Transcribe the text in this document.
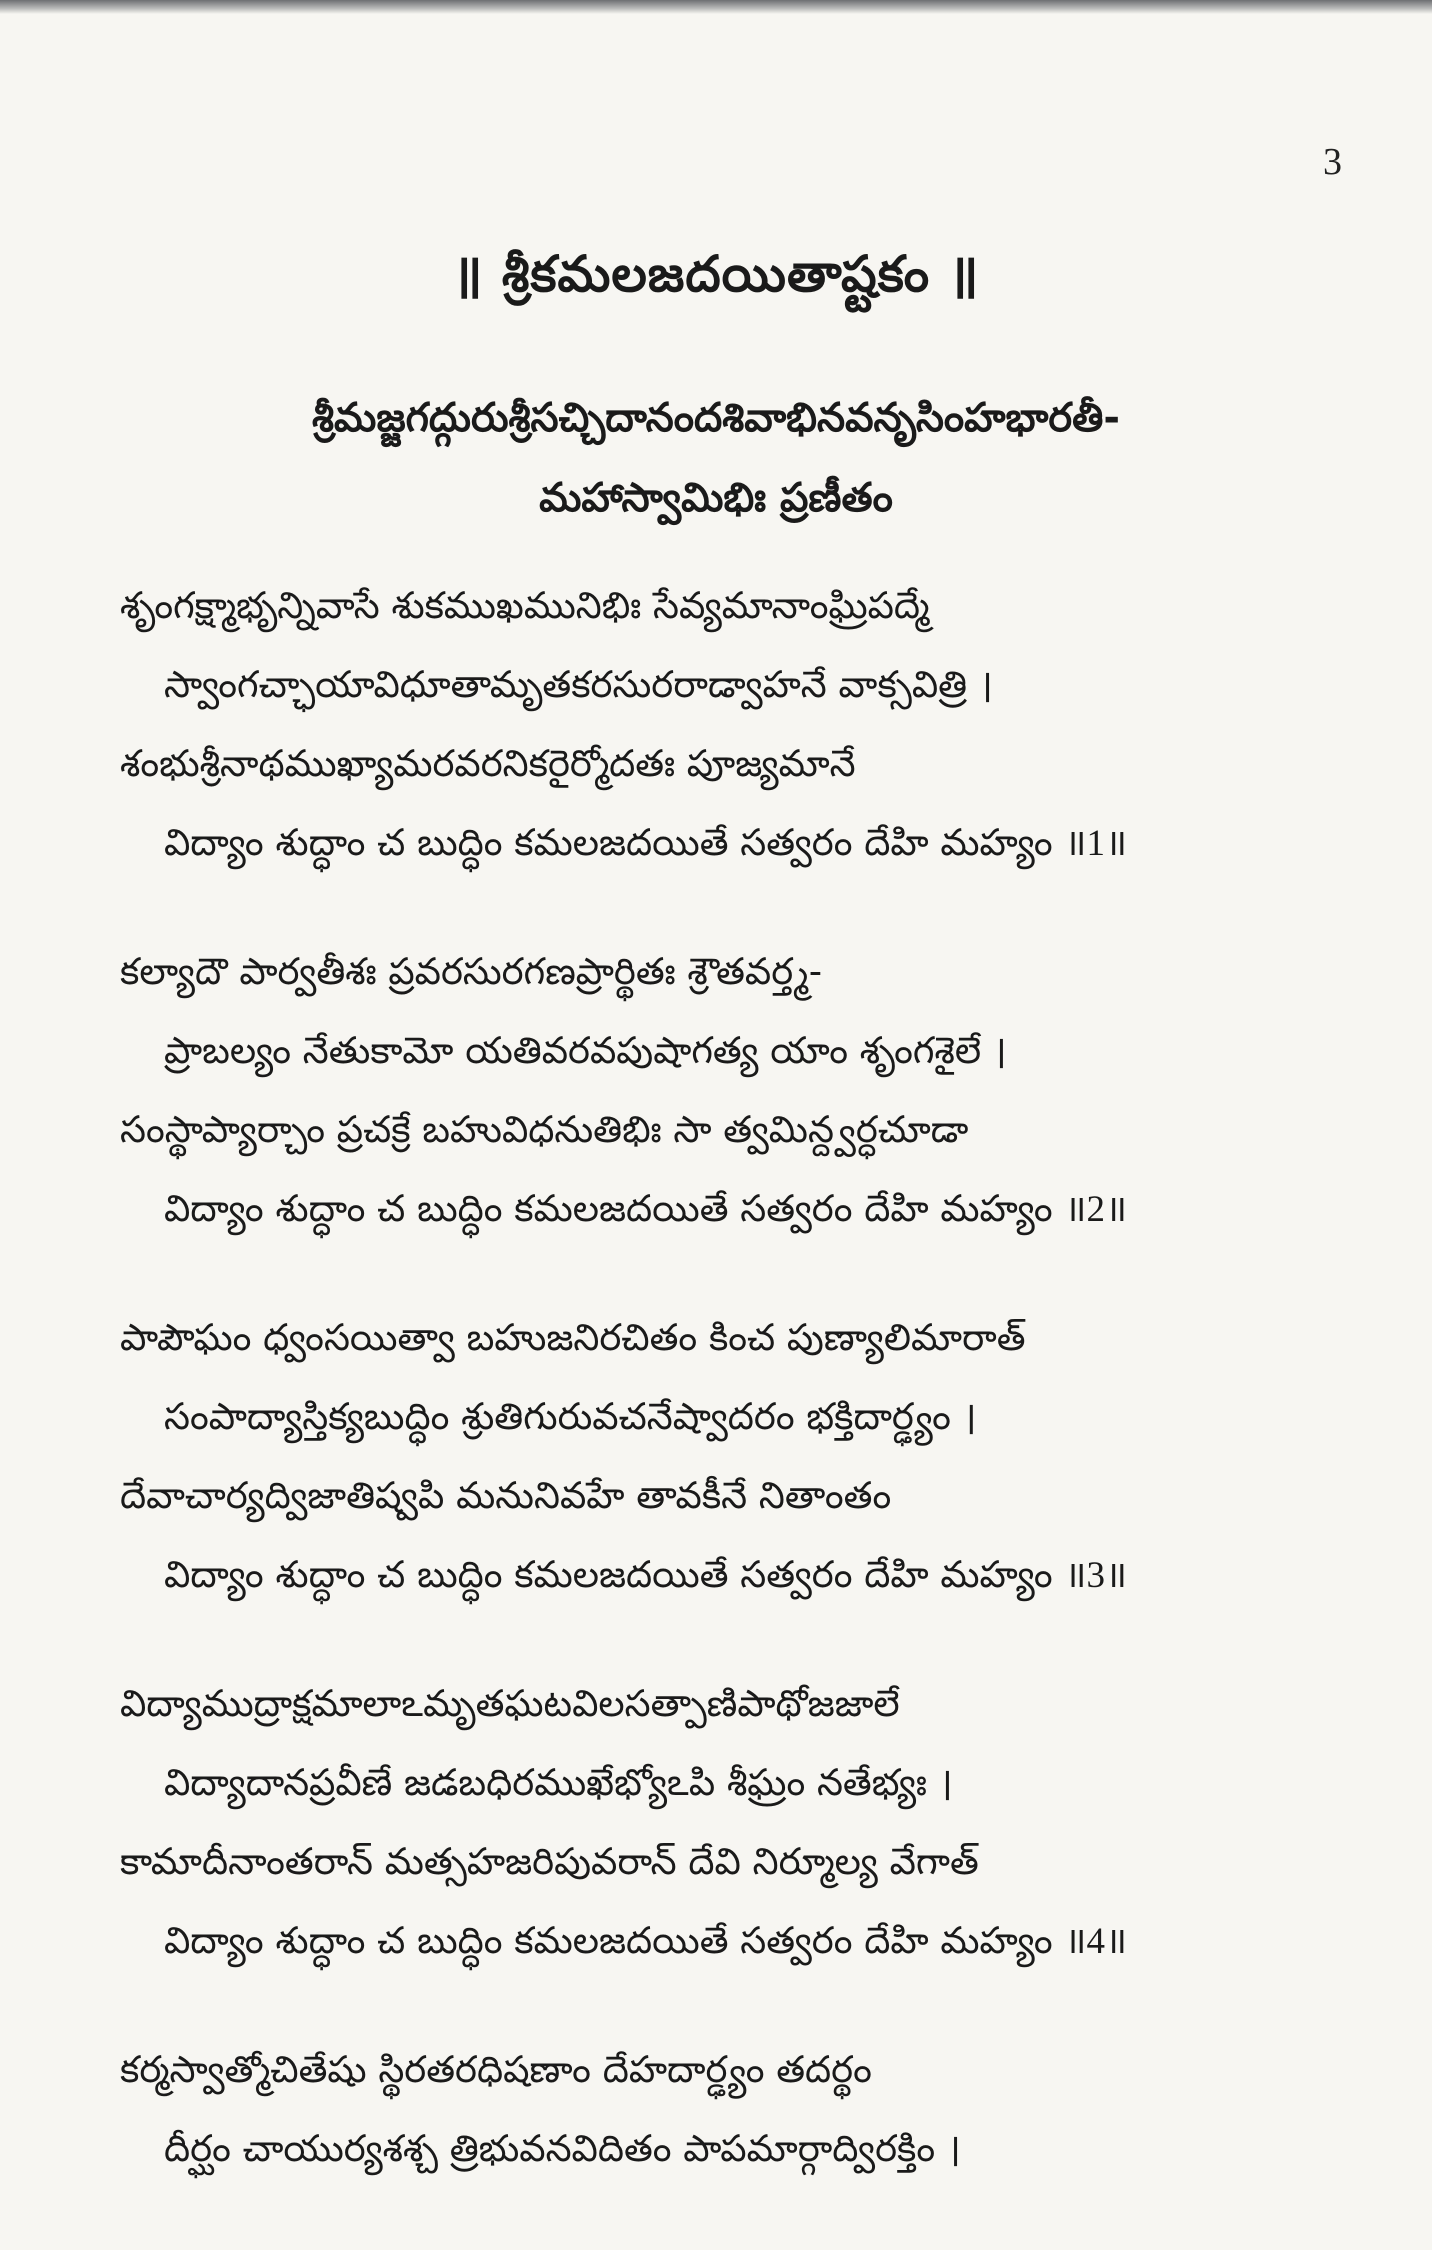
3
॥ శ్రీకమలజదయితాష్టకం ॥
శ్రీమజ్జగద్గురుశ్రీసచ్చిదానందశివాభినవనృసింహభారతీ-
మహాస్వామిభిః ప్రణీతం
శృంగక్ష్మాభృన్నివాసే శుకముఖమునిభిః సేవ్యమానాంఘ్రిపద్మే
స్వాంగచ్ఛాయావిధూతామృతకరసురరాడ్వాహనే వాక్సవిత్రి ।
శంభుశ్రీనాథముఖ్యామరవరనికరైర్మోదతః పూజ్యమానే
విద్యాం శుద్ధాం చ బుద్ధిం కమలజదయితే సత్వరం దేహి మహ్యం ॥1॥
కల్యాదౌ పార్వతీశః ప్రవరసురగణప్రార్థితః శ్రౌతవర్త్మ-
ప్రాబల్యం నేతుకామో యతివరవపుషాగత్య యాం శృంగశైలే ।
సంస్థాప్యార్చాం ప్రచక్రే బహువిధనుతిభిః సా త్వమిన్ద్వర్ధచూడా
విద్యాం శుద్ధాం చ బుద్ధిం కమలజదయితే సత్వరం దేహి మహ్యం ॥2॥
పాపౌఘం ధ్వంసయిత్వా బహుజనిరచితం కించ పుణ్యాలిమారాత్
సంపాద్యాస్తిక్యబుద్ధిం శ్రుతిగురువచనేష్వాదరం భక్తిదార్ఢ్యం ।
దేవాచార్యద్విజాతిష్వపి మనునివహే తావకీనే నితాంతం
విద్యాం శుద్ధాం చ బుద్ధిం కమలజదయితే సత్వరం దేహి మహ్యం ॥3॥
విద్యాముద్రాక్షమాలాఽమృతఘటవిలసత్పాణిపాథోజజాలే
విద్యాదానప్రవీణే జడబధిరముఖేభ్యోఽపి శీఘ్రం నతేభ్యః ।
కామాదీనాంతరాన్ మత్సహజరిపువరాన్ దేవి నిర్మూల్య వేగాత్
విద్యాం శుద్ధాం చ బుద్ధిం కమలజదయితే సత్వరం దేహి మహ్యం ॥4॥
కర్మస్వాత్మోచితేషు స్థిరతరధిషణాం దేహదార్ఢ్యం తదర్థం
దీర్ఘం చాయుర్యశశ్చ త్రిభువనవిదితం పాపమార్గాద్విరక్తిం ।
